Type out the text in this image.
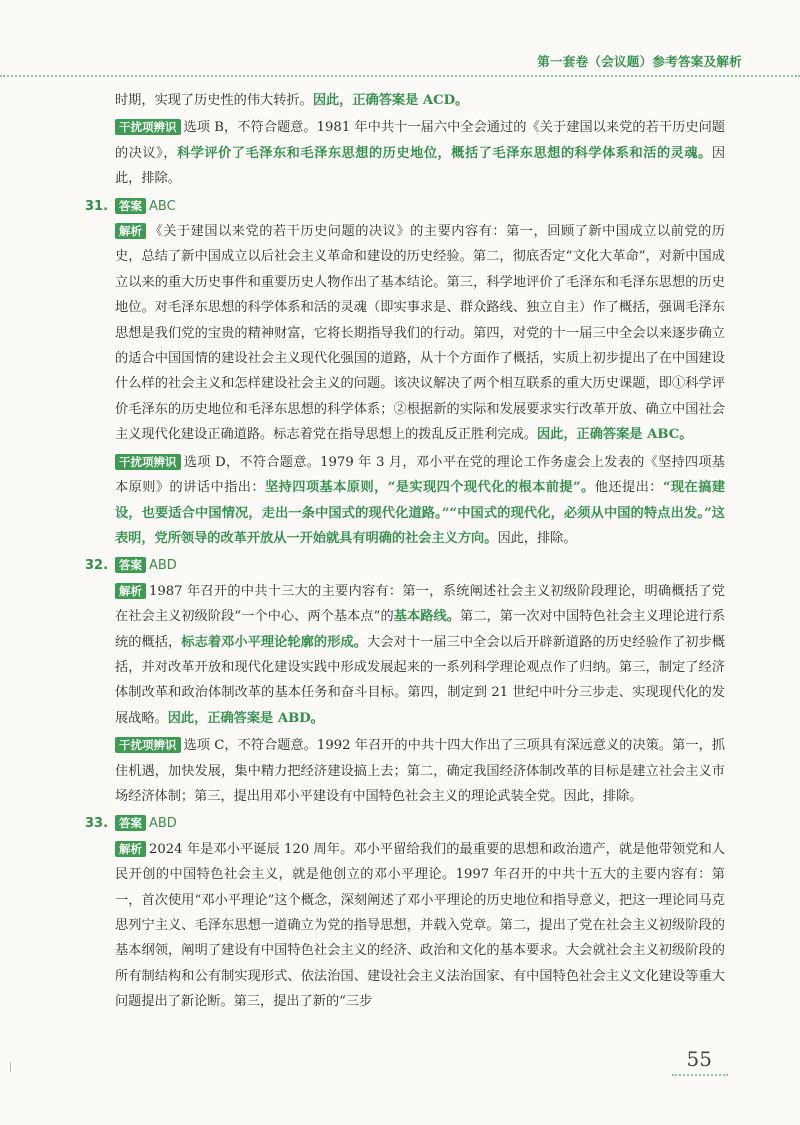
第一套卷（会议题）参考答案及解析

时期，实现了历史性的伟大转折。因此，正确答案是 ACD。

干扰项辨识 选项 B，不符合题意。1981 年中共十一届六中全会通过的《关于建国以来党的若干历史问题的决议》，科学评价了毛泽东和毛泽东思想的历史地位，概括了毛泽东思想的科学体系和活的灵魂。因此，排除。

31. 答案 ABC

解析 《关于建国以来党的若干历史问题的决议》的主要内容有：第一，回顾了新中国成立以前党的历史，总结了新中国成立以后社会主义革命和建设的历史经验。第二，彻底否定“文化大革命”，对新中国成立以来的重大历史事件和重要历史人物作出了基本结论。第三，科学地评价了毛泽东和毛泽东思想的历史地位。对毛泽东思想的科学体系和活的灵魂（即实事求是、群众路线、独立自主）作了概括，强调毛泽东思想是我们党的宝贵的精神财富，它将长期指导我们的行动。第四，对党的十一届三中全会以来逐步确立的适合中国国情的建设社会主义现代化强国的道路，从十个方面作了概括，实质上初步提出了在中国建设什么样的社会主义和怎样建设社会主义的问题。该决议解决了两个相互联系的重大历史课题，即①科学评价毛泽东的历史地位和毛泽东思想的科学体系；②根据新的实际和发展要求实行改革开放、确立中国社会主义现代化建设正确道路。标志着党在指导思想上的拨乱反正胜利完成。因此，正确答案是 ABC。

干扰项辨识 选项 D，不符合题意。1979 年 3 月，邓小平在党的理论工作务虚会上发表的《坚持四项基本原则》的讲话中指出：坚持四项基本原则，“是实现四个现代化的根本前提”。他还提出：“现在搞建设，也要适合中国情况，走出一条中国式的现代化道路。”“中国式的现代化，必须从中国的特点出发。”这表明，党所领导的改革开放从一开始就具有明确的社会主义方向。因此，排除。

32. 答案 ABD

解析 1987 年召开的中共十三大的主要内容有：第一，系统阐述社会主义初级阶段理论，明确概括了党在社会主义初级阶段“一个中心、两个基本点”的基本路线。第二，第一次对中国特色社会主义理论进行系统的概括，标志着邓小平理论轮廓的形成。大会对十一届三中全会以后开辟新道路的历史经验作了初步概括，并对改革开放和现代化建设实践中形成发展起来的一系列科学理论观点作了归纳。第三，制定了经济体制改革和政治体制改革的基本任务和奋斗目标。第四，制定到 21 世纪中叶分三步走、实现现代化的发展战略。因此，正确答案是 ABD。

干扰项辨识 选项 C，不符合题意。1992 年召开的中共十四大作出了三项具有深远意义的决策。第一，抓住机遇，加快发展，集中精力把经济建设搞上去；第二，确定我国经济体制改革的目标是建立社会主义市场经济体制；第三，提出用邓小平建设有中国特色社会主义的理论武装全党。因此，排除。

33. 答案 ABD

解析 2024 年是邓小平诞辰 120 周年。邓小平留给我们的最重要的思想和政治遗产，就是他带领党和人民开创的中国特色社会主义，就是他创立的邓小平理论。1997 年召开的中共十五大的主要内容有：第一，首次使用“邓小平理论”这个概念，深刻阐述了邓小平理论的历史地位和指导意义，把这一理论同马克思列宁主义、毛泽东思想一道确立为党的指导思想，并载入党章。第二，提出了党在社会主义初级阶段的基本纲领，阐明了建设有中国特色社会主义的经济、政治和文化的基本要求。大会就社会主义初级阶段的所有制结构和公有制实现形式、依法治国、建设社会主义法治国家、有中国特色社会主义文化建设等重大问题提出了新论断。第三，提出了新的“三步

55
